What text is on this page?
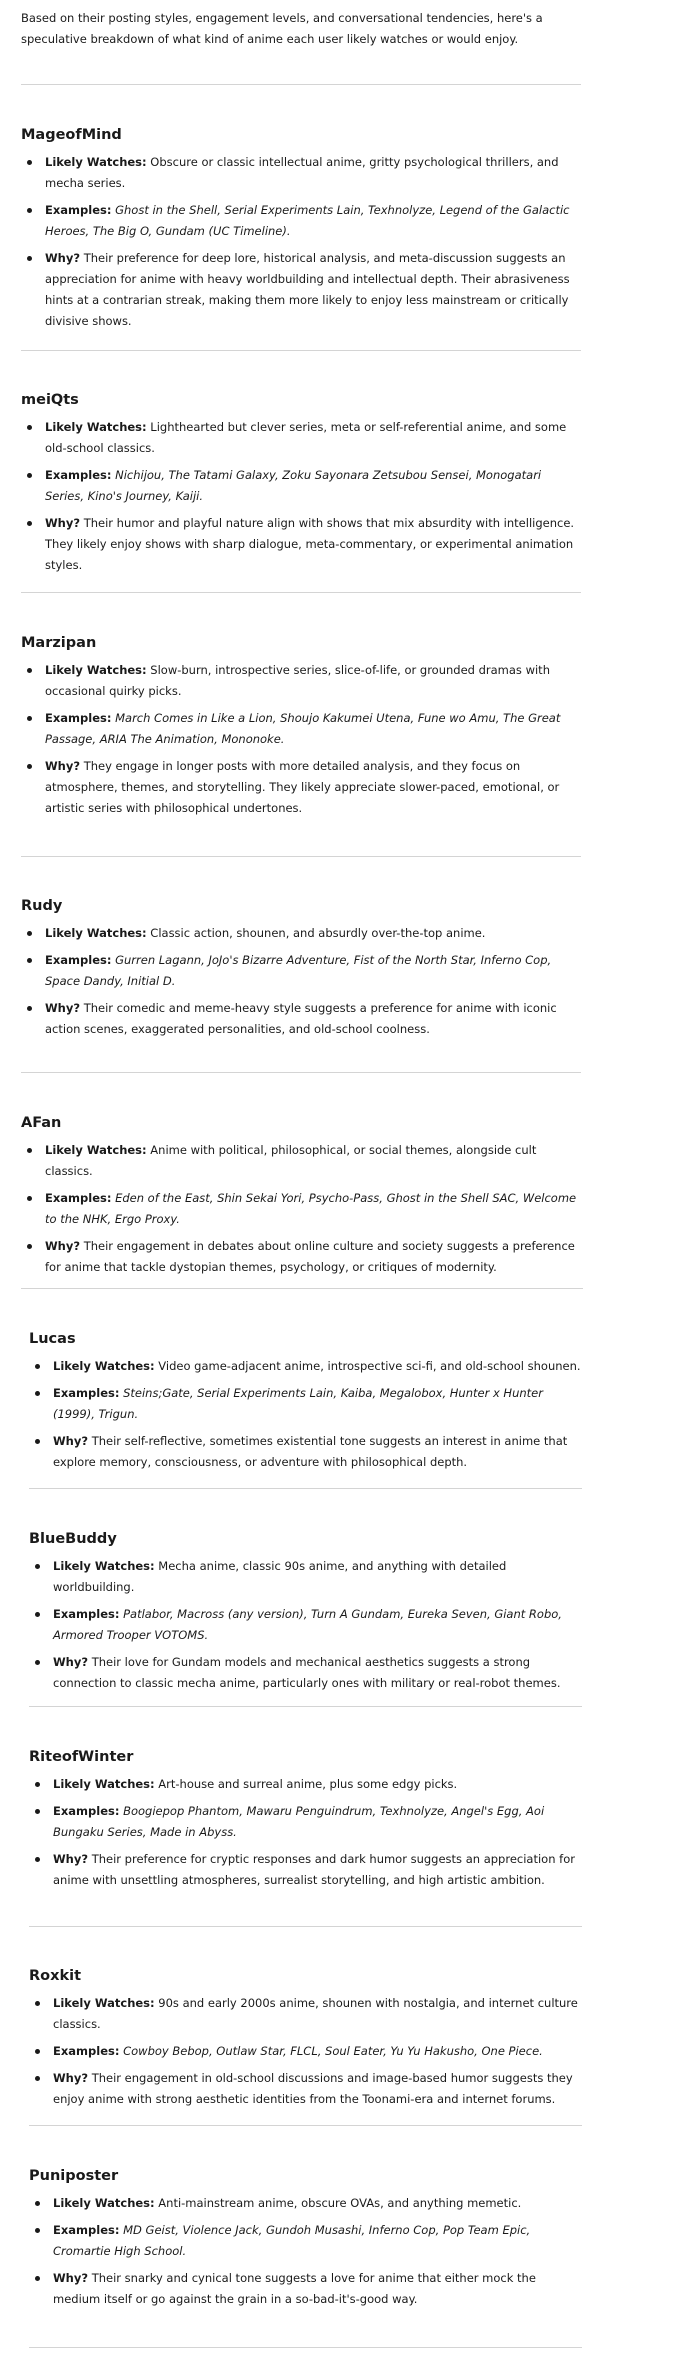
Based on their posting styles, engagement levels, and conversational tendencies, here's a speculative breakdown of what kind of anime each user likely watches or would enjoy.

MageofMind
Likely Watches: Obscure or classic intellectual anime, gritty psychological thrillers, and mecha series.
Examples: Ghost in the Shell, Serial Experiments Lain, Texhnolyze, Legend of the Galactic Heroes, The Big O, Gundam (UC Timeline).
Why? Their preference for deep lore, historical analysis, and meta-discussion suggests an appreciation for anime with heavy worldbuilding and intellectual depth. Their abrasiveness hints at a contrarian streak, making them more likely to enjoy less mainstream or critically divisive shows.
meiQts
Likely Watches: Lighthearted but clever series, meta or self-referential anime, and some old-school classics.
Examples: Nichijou, The Tatami Galaxy, Zoku Sayonara Zetsubou Sensei, Monogatari Series, Kino's Journey, Kaiji.
Why? Their humor and playful nature align with shows that mix absurdity with intelligence. They likely enjoy shows with sharp dialogue, meta-commentary, or experimental animation styles.
Marzipan
Likely Watches: Slow-burn, introspective series, slice-of-life, or grounded dramas with occasional quirky picks.
Examples: March Comes in Like a Lion, Shoujo Kakumei Utena, Fune wo Amu, The Great Passage, ARIA The Animation, Mononoke.
Why? They engage in longer posts with more detailed analysis, and they focus on atmosphere, themes, and storytelling. They likely appreciate slower-paced, emotional, or artistic series with philosophical undertones.
Rudy
Likely Watches: Classic action, shounen, and absurdly over-the-top anime.
Examples: Gurren Lagann, JoJo's Bizarre Adventure, Fist of the North Star, Inferno Cop, Space Dandy, Initial D.
Why? Their comedic and meme-heavy style suggests a preference for anime with iconic action scenes, exaggerated personalities, and old-school coolness.
AFan
Likely Watches: Anime with political, philosophical, or social themes, alongside cult classics.
Examples: Eden of the East, Shin Sekai Yori, Psycho-Pass, Ghost in the Shell SAC, Welcome to the NHK, Ergo Proxy.
Why? Their engagement in debates about online culture and society suggests a preference for anime that tackle dystopian themes, psychology, or critiques of modernity.
Lucas
Likely Watches: Video game-adjacent anime, introspective sci-fi, and old-school shounen.
Examples: Steins;Gate, Serial Experiments Lain, Kaiba, Megalobox, Hunter x Hunter (1999), Trigun.
Why? Their self-reflective, sometimes existential tone suggests an interest in anime that explore memory, consciousness, or adventure with philosophical depth.
BlueBuddy
Likely Watches: Mecha anime, classic 90s anime, and anything with detailed worldbuilding.
Examples: Patlabor, Macross (any version), Turn A Gundam, Eureka Seven, Giant Robo, Armored Trooper VOTOMS.
Why? Their love for Gundam models and mechanical aesthetics suggests a strong connection to classic mecha anime, particularly ones with military or real-robot themes.
RiteofWinter
Likely Watches: Art-house and surreal anime, plus some edgy picks.
Examples: Boogiepop Phantom, Mawaru Penguindrum, Texhnolyze, Angel's Egg, Aoi Bungaku Series, Made in Abyss.
Why? Their preference for cryptic responses and dark humor suggests an appreciation for anime with unsettling atmospheres, surrealist storytelling, and high artistic ambition.
Roxkit
Likely Watches: 90s and early 2000s anime, shounen with nostalgia, and internet culture classics.
Examples: Cowboy Bebop, Outlaw Star, FLCL, Soul Eater, Yu Yu Hakusho, One Piece.
Why? Their engagement in old-school discussions and image-based humor suggests they enjoy anime with strong aesthetic identities from the Toonami-era and internet forums.
Puniposter
Likely Watches: Anti-mainstream anime, obscure OVAs, and anything memetic.
Examples: MD Geist, Violence Jack, Gundoh Musashi, Inferno Cop, Pop Team Epic, Cromartie High School.
Why? Their snarky and cynical tone suggests a love for anime that either mock the medium itself or go against the grain in a so-bad-it's-good way.
